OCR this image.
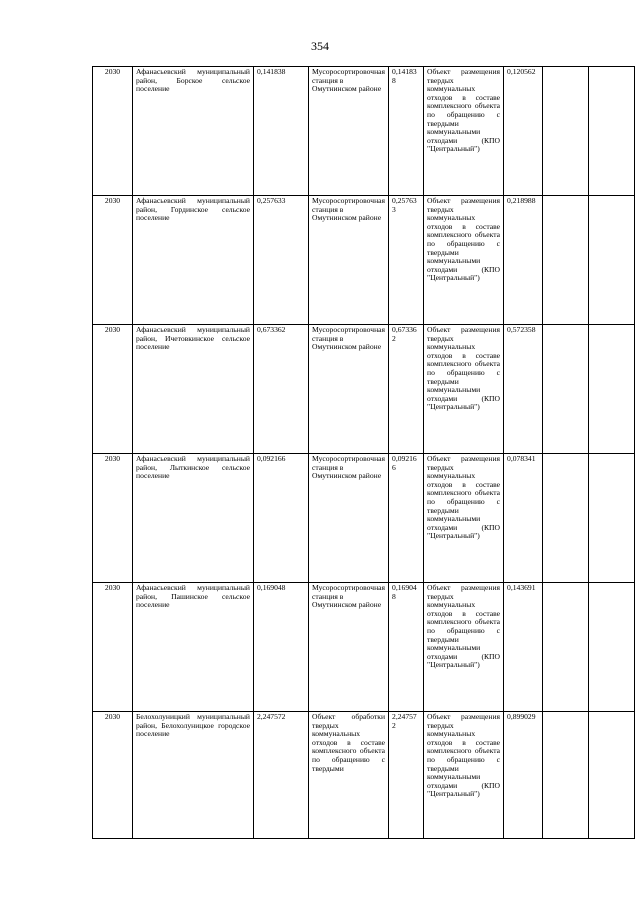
354
2030	Афанасьевский муниципальный район, Борское сельское поселение	0,141838	Мусоросортировочная станция в Омутнинском районе	0,141838	Объект размещения твердых коммунальных отходов в составе комплексного объекта по обращению с твердыми коммунальными отходами (КПО "Центральный")	0,120562		
2030	Афанасьевский муниципальный район, Гординское сельское поселение	0,257633	Мусоросортировочная станция в Омутнинском районе	0,257633	Объект размещения твердых коммунальных отходов в составе комплексного объекта по обращению с твердыми коммунальными отходами (КПО "Центральный")	0,218988		
2030	Афанасьевский муниципальный район, Ичетовкинское сельское поселение	0,673362	Мусоросортировочная станция в Омутнинском районе	0,673362	Объект размещения твердых коммунальных отходов в составе комплексного объекта по обращению с твердыми коммунальными отходами (КПО "Центральный")	0,572358		
2030	Афанасьевский муниципальный район, Лыткинское сельское поселение	0,092166	Мусоросортировочная станция в Омутнинском районе	0,092166	Объект размещения твердых коммунальных отходов в составе комплексного объекта по обращению с твердыми коммунальными отходами (КПО "Центральный")	0,078341		
2030	Афанасьевский муниципальный район, Пашинское сельское поселение	0,169048	Мусоросортировочная станция в Омутнинском районе	0,169048	Объект размещения твердых коммунальных отходов в составе комплексного объекта по обращению с твердыми коммунальными отходами (КПО "Центральный")	0,143691		
2030	Белохолуницкий муниципальный район, Белохолуницкое городское поселение	2,247572	Объект обработки твердых коммунальных отходов в составе комплексного объекта по обращению с твердыми	2,247572	Объект размещения твердых коммунальных отходов в составе комплексного объекта по обращению с твердыми коммунальными отходами (КПО "Центральный")	0,899029		
